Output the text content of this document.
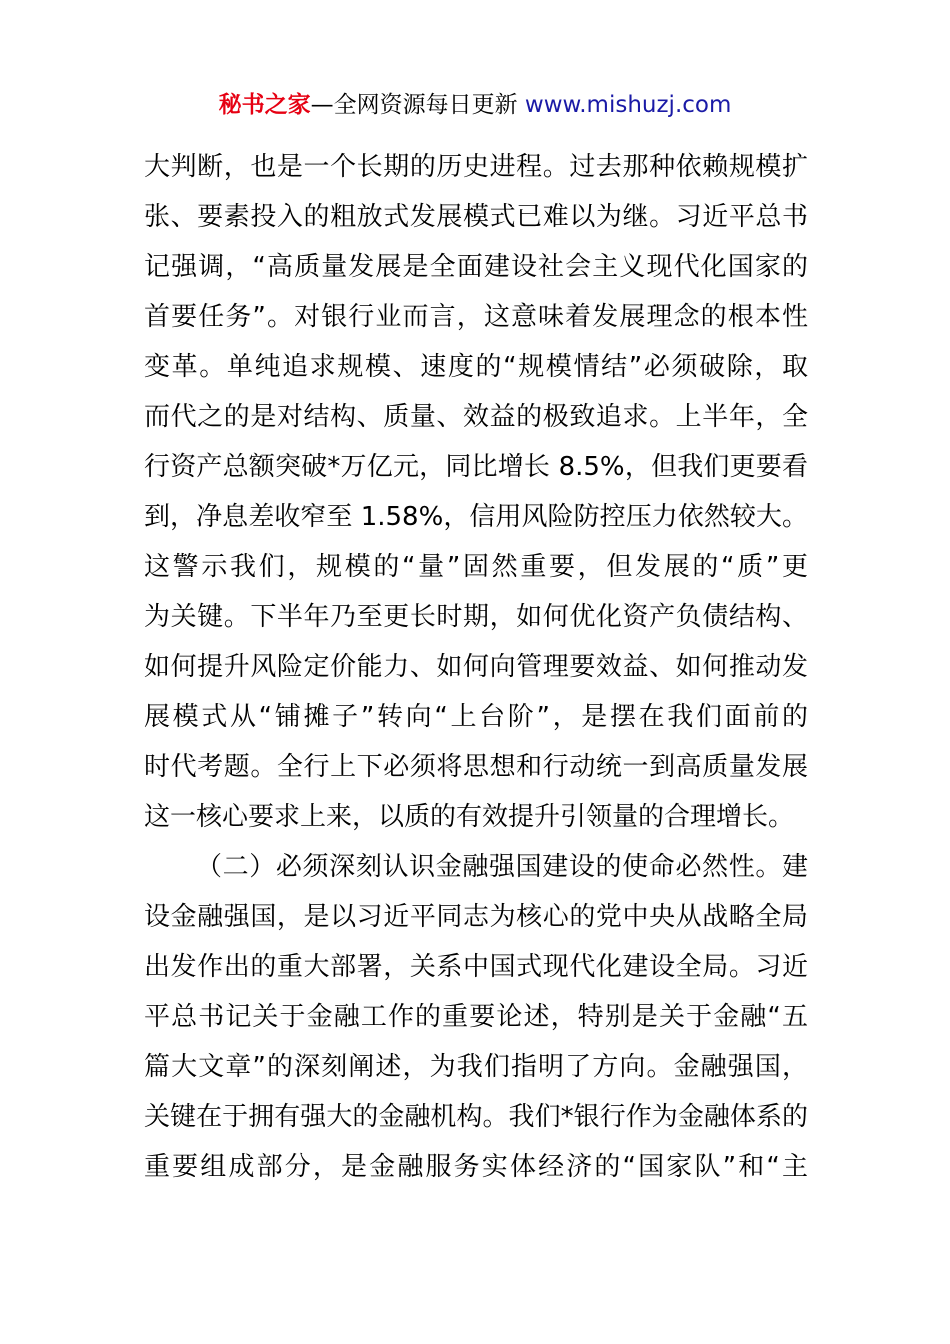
秘书之家—全网资源每日更新 www.mishuzj.com
大判断，也是一个长期的历史进程。过去那种依赖规模扩
张、要素投入的粗放式发展模式已难以为继。习近平总书
记强调，“高质量发展是全面建设社会主义现代化国家的
首要任务”。对银行业而言，这意味着发展理念的根本性
变革。单纯追求规模、速度的“规模情结”必须破除，取
而代之的是对结构、质量、效益的极致追求。上半年，全
行资产总额突破*万亿元，同比增长 8.5%，但我们更要看
到，净息差收窄至 1.58%，信用风险防控压力依然较大。
这警示我们，规模的“量”固然重要，但发展的“质”更
为关键。下半年乃至更长时期，如何优化资产负债结构、
如何提升风险定价能力、如何向管理要效益、如何推动发
展模式从“铺摊子”转向“上台阶”，是摆在我们面前的
时代考题。全行上下必须将思想和行动统一到高质量发展
这一核心要求上来，以质的有效提升引领量的合理增长。
（二）必须深刻认识金融强国建设的使命必然性。建
设金融强国，是以习近平同志为核心的党中央从战略全局
出发作出的重大部署，关系中国式现代化建设全局。习近
平总书记关于金融工作的重要论述，特别是关于金融“五
篇大文章”的深刻阐述，为我们指明了方向。金融强国，
关键在于拥有强大的金融机构。我们*银行作为金融体系的
重要组成部分，是金融服务实体经济的“国家队”和“主
